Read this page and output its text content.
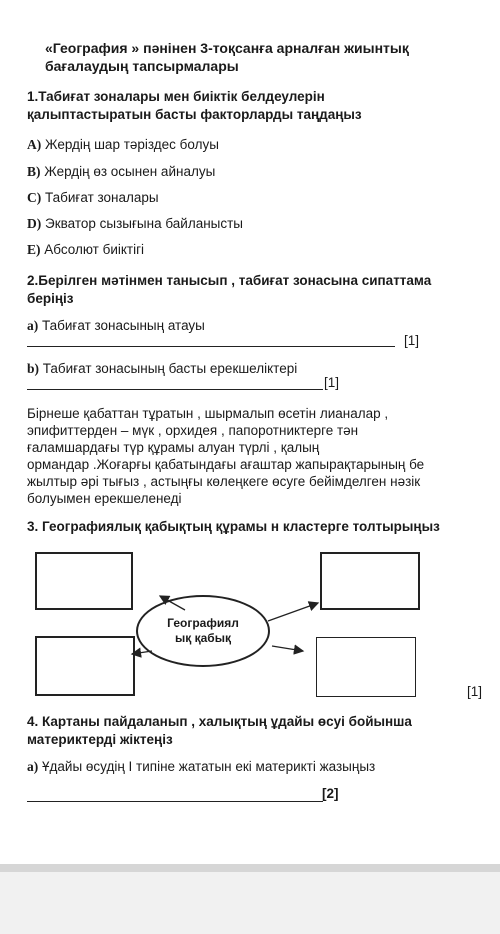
«География » пәнінен 3-тоқсанға арналған жиынтық
бағалаудың тапсырмалары
1.Табиғат зоналары мен биіктік белдеулерін
қалыптастыратын басты факторларды таңдаңыз
A) Жердің шар тәріздес болуы
B) Жердің өз осынен айналуы
C) Табиғат зоналары
D) Экватор сызығына байланысты
E) Абсолют биіктігі
2.Берілген мәтінмен танысып , табиғат зонасына сипаттама
беріңіз
а) Табиғат зонасының атауы
[1]
b) Табиғат зонасының басты ерекшеліктері
[1]
Бірнеше қабаттан тұратын , шырмалып өсетін лианалар ,
эпифиттерден – мүк , орхидея , папоротниктерге тән
ғаламшардағы түр құрамы алуан түрлі , қалың
ормандар .Жоғарғы қабатындағы ағаштар жапырақтарының бе
жылтыр әрі тығыз , астыңғы көлеңкеге өсуге бейімделген нәзік
болуымен ерекшеленеді
3. Географиялық қабықтың құрамы н кластерге толтырыңыз
Географиял
ық қабық
[1]
4. Картаны пайдаланып , халықтың ұдайы өсуі бойынша
материктерді жіктеңіз
а) Ұдайы өсудің І типіне жататын екі материкті жазыңыз
[2]
